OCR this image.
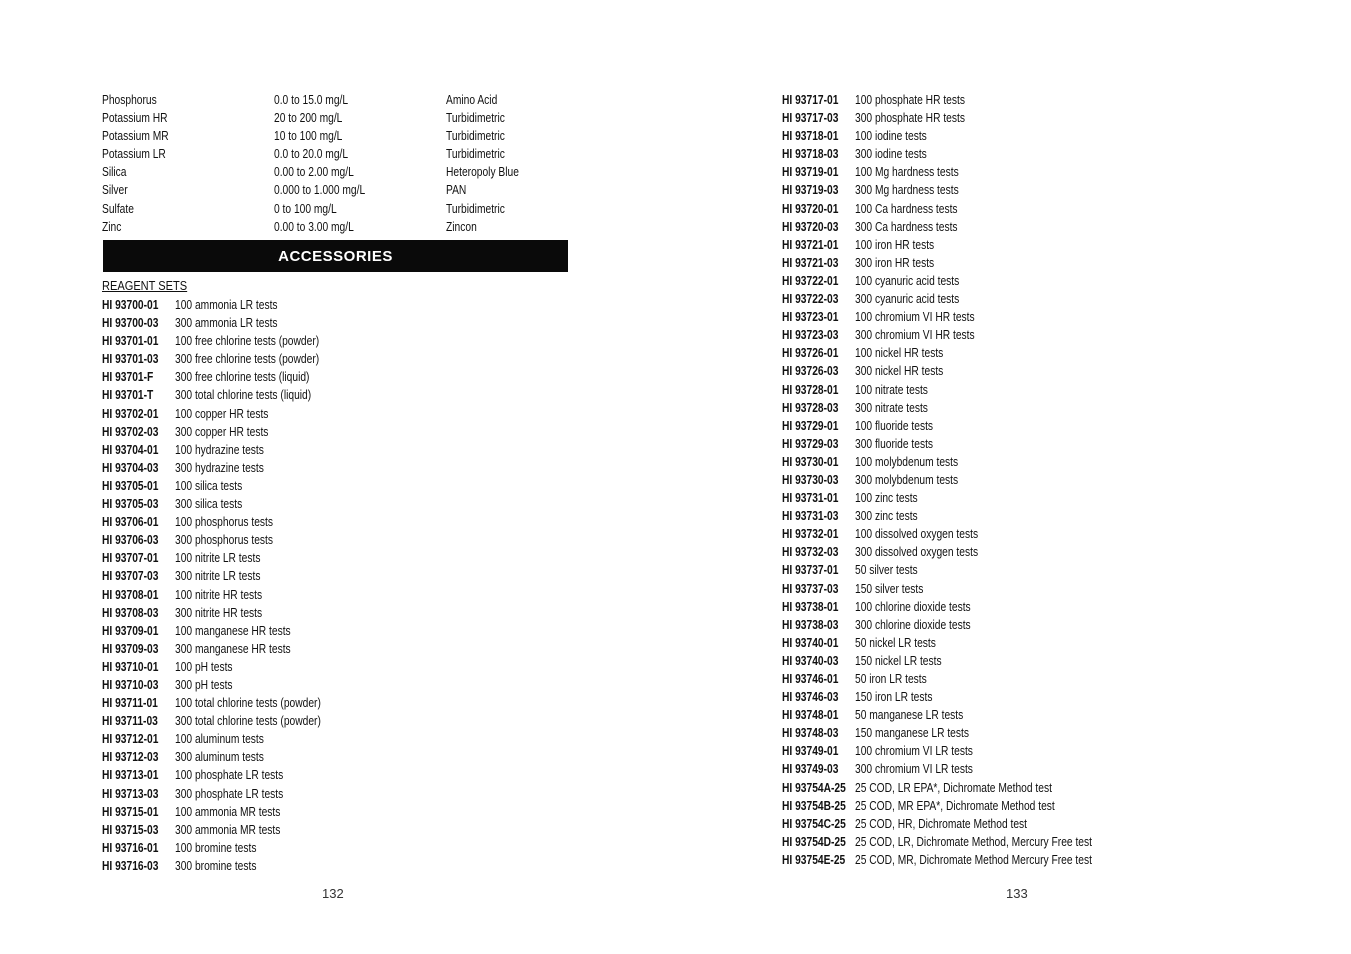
Phosphorus	0.0 to 15.0 mg/L	Amino Acid
Potassium HR	20 to 200 mg/L	Turbidimetric
Potassium MR	10 to 100 mg/L	Turbidimetric
Potassium LR	0.0 to 20.0 mg/L	Turbidimetric
Silica	0.00 to 2.00 mg/L	Heteropoly Blue
Silver	0.000 to 1.000 mg/L	PAN
Sulfate	0 to 100 mg/L	Turbidimetric
Zinc	0.00 to 3.00 mg/L	Zincon
ACCESSORIES
REAGENT SETS
HI 93700-01 100 ammonia LR tests
HI 93700-03 300 ammonia LR tests
HI 93701-01 100 free chlorine tests (powder)
HI 93701-03 300 free chlorine tests (powder)
HI 93701-F	300 free chlorine tests (liquid)
HI 93701-T	300 total chlorine tests (liquid)
HI 93702-01 100 copper HR tests
HI 93702-03 300 copper HR tests
HI 93704-01 100 hydrazine tests
HI 93704-03 300 hydrazine tests
HI 93705-01 100 silica tests
HI 93705-03 300 silica tests
HI 93706-01 100 phosphorus tests
HI 93706-03 300 phosphorus tests
HI 93707-01 100 nitrite LR tests
HI 93707-03 300 nitrite LR tests
HI 93708-01 100 nitrite HR tests
HI 93708-03 300 nitrite HR tests
HI 93709-01 100 manganese HR tests
HI 93709-03 300 manganese HR tests
HI 93710-01 100 pH tests
HI 93710-03 300 pH tests
HI 93711-01	100 total chlorine tests (powder)
HI 93711-03	300 total chlorine tests (powder)
HI 93712-01 100 aluminum tests
HI 93712-03 300 aluminum tests
HI 93713-01 100 phosphate LR tests
HI 93713-03 300 phosphate LR tests
HI 93715-01 100 ammonia MR tests
HI 93715-03 300 ammonia MR tests
HI 93716-01 100 bromine tests
HI 93716-03 300 bromine tests
132
HI 93717-01 100 phosphate HR tests
HI 93717-03 300 phosphate HR tests
HI 93718-01 100 iodine tests
HI 93718-03 300 iodine tests
HI 93719-01 100 Mg hardness tests
HI 93719-03 300 Mg hardness tests
HI 93720-01 100 Ca hardness tests
HI 93720-03 300 Ca hardness tests
HI 93721-01 100 iron HR tests
HI 93721-03 300 iron HR tests
HI 93722-01 100 cyanuric acid tests
HI 93722-03 300 cyanuric acid tests
HI 93723-01 100 chromium VI HR tests
HI 93723-03 300 chromium VI HR tests
HI 93726-01 100 nickel HR tests
HI 93726-03 300 nickel HR tests
HI 93728-01 100 nitrate tests
HI 93728-03 300 nitrate tests
HI 93729-01 100 fluoride tests
HI 93729-03 300 fluoride tests
HI 93730-01 100 molybdenum tests
HI 93730-03 300 molybdenum tests
HI 93731-01 100 zinc tests
HI 93731-03 300 zinc tests
HI 93732-01 100 dissolved oxygen tests
HI 93732-03 300 dissolved oxygen tests
HI 93737-01 50 silver tests
HI 93737-03 150 silver tests
HI 93738-01 100 chlorine dioxide tests
HI 93738-03 300 chlorine dioxide tests
HI 93740-01 50 nickel LR tests
HI 93740-03 150 nickel LR tests
HI 93746-01 50 iron LR tests
HI 93746-03 150 iron LR tests
HI 93748-01 50 manganese LR tests
HI 93748-03 150 manganese LR tests
HI 93749-01 100 chromium VI LR tests
HI 93749-03 300 chromium VI LR tests
HI 93754A-25 25 COD, LR EPA*, Dichromate Method test
HI 93754B-25 25 COD, MR EPA*, Dichromate Method test
HI 93754C-25 25 COD, HR, Dichromate Method test
HI 93754D-25 25 COD, LR, Dichromate Method, Mercury Free test
HI 93754E-25 25 COD, MR, Dichromate Method Mercury Free test
133
